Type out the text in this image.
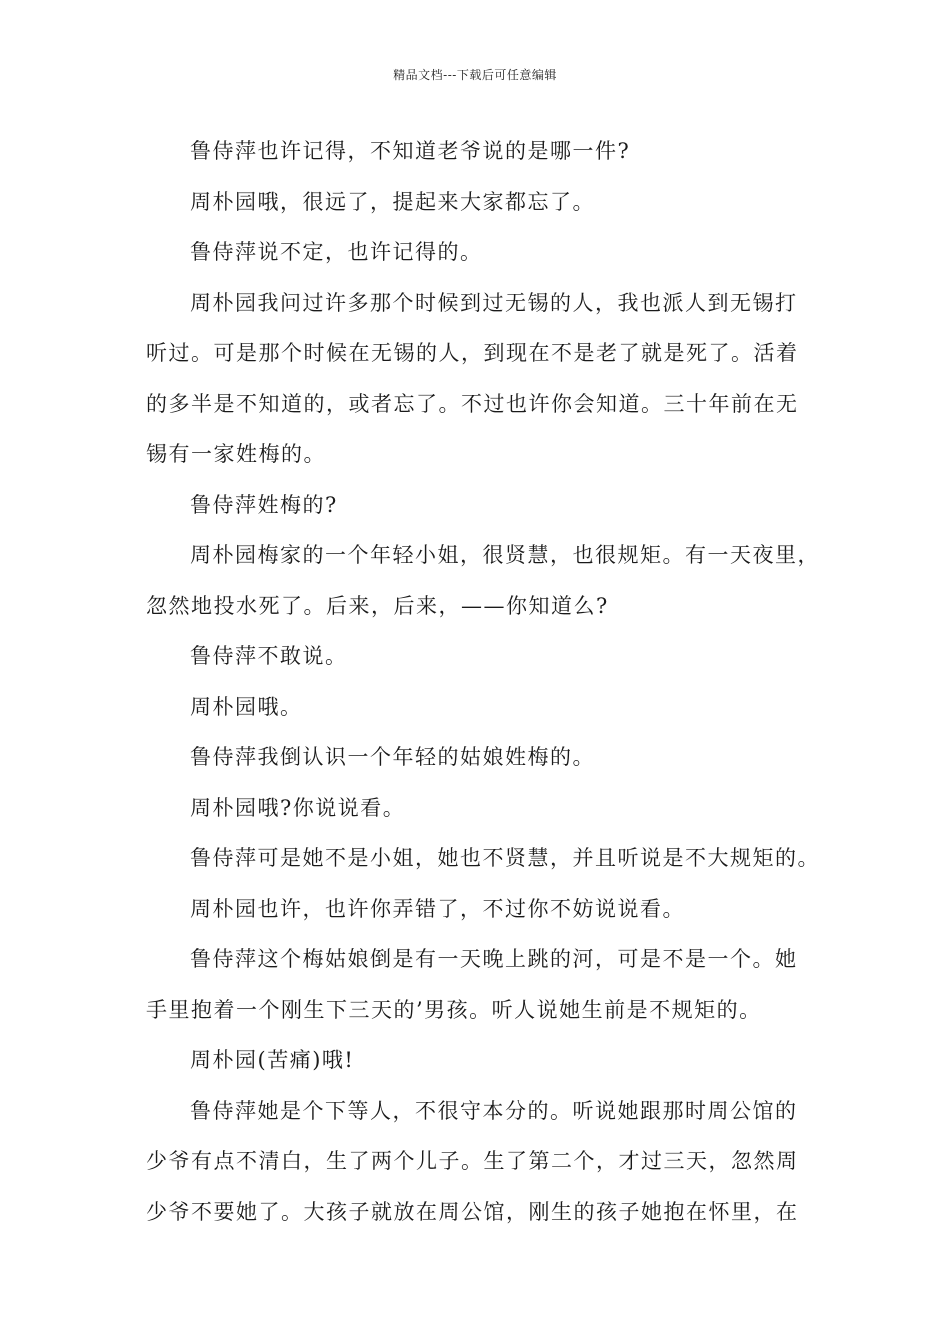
精品文档---下载后可任意编辑

鲁侍萍也许记得，不知道老爷说的是哪一件?

周朴园哦，很远了，提起来大家都忘了。

鲁侍萍说不定，也许记得的。

周朴园我问过许多那个时候到过无锡的人，我也派人到无锡打
听过。可是那个时候在无锡的人，到现在不是老了就是死了。活着
的多半是不知道的，或者忘了。不过也许你会知道。三十年前在无
锡有一家姓梅的。

鲁侍萍姓梅的?

周朴园梅家的一个年轻小姐，很贤慧，也很规矩。有一天夜里，
忽然地投水死了。后来，后来，——你知道么?

鲁侍萍不敢说。

周朴园哦。

鲁侍萍我倒认识一个年轻的姑娘姓梅的。

周朴园哦?你说说看。

鲁侍萍可是她不是小姐，她也不贤慧，并且听说是不大规矩的。

周朴园也许，也许你弄错了，不过你不妨说说看。

鲁侍萍这个梅姑娘倒是有一天晚上跳的河，可是不是一个。她
手里抱着一个刚生下三天的’男孩。听人说她生前是不规矩的。

周朴园(苦痛)哦!

鲁侍萍她是个下等人，不很守本分的。听说她跟那时周公馆的
少爷有点不清白，生了两个儿子。生了第二个，才过三天，忽然周
少爷不要她了。大孩子就放在周公馆，刚生的孩子她抱在怀里，在
